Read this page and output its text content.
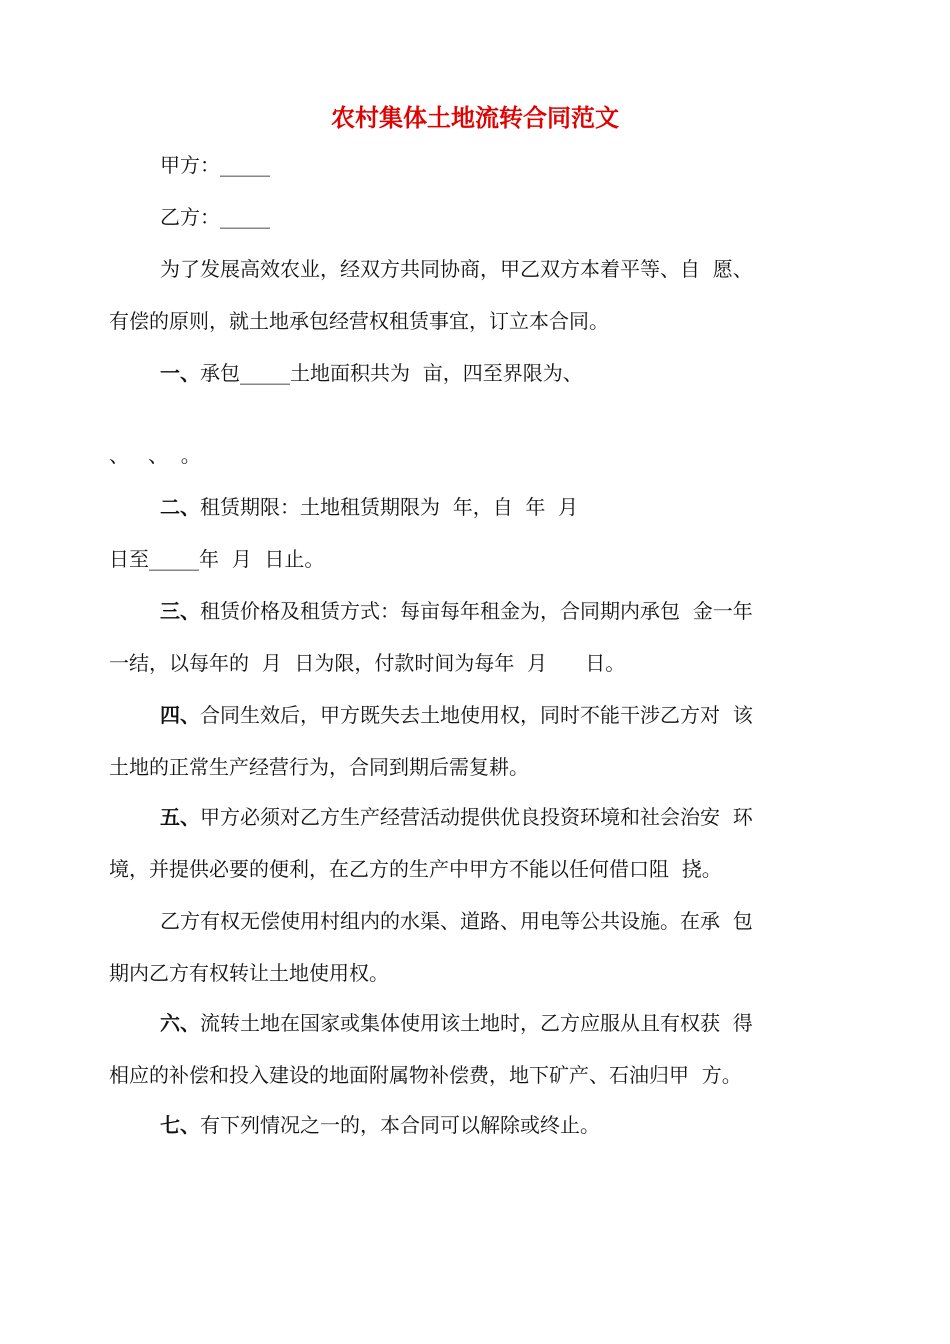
农村集体土地流转合同范文
甲方：_____
乙方：_____
为了发展高效农业，经双方共同协商，甲乙双方本着平等、自  愿、
有偿的原则，就土地承包经营权租赁事宜，订立本合同。
一、承包_____土地面积共为  亩，四至界限为、
、   、  。
二、租赁期限：土地租赁期限为  年，自  年  月
日至_____年  月  日止。
三、租赁价格及租赁方式：每亩每年租金为，合同期内承包  金一年
一结，以每年的  月  日为限，付款时间为每年  月      日。
四、合同生效后，甲方既失去土地使用权，同时不能干涉乙方对  该
土地的正常生产经营行为，合同到期后需复耕。
五、甲方必须对乙方生产经营活动提供优良投资环境和社会治安  环
境，并提供必要的便利，在乙方的生产中甲方不能以任何借口阻  挠。
乙方有权无偿使用村组内的水渠、道路、用电等公共设施。在承  包
期内乙方有权转让土地使用权。
六、流转土地在国家或集体使用该土地时，乙方应服从且有权获  得
相应的补偿和投入建设的地面附属物补偿费，地下矿产、石油归甲  方。
七、有下列情况之一的，本合同可以解除或终止。
